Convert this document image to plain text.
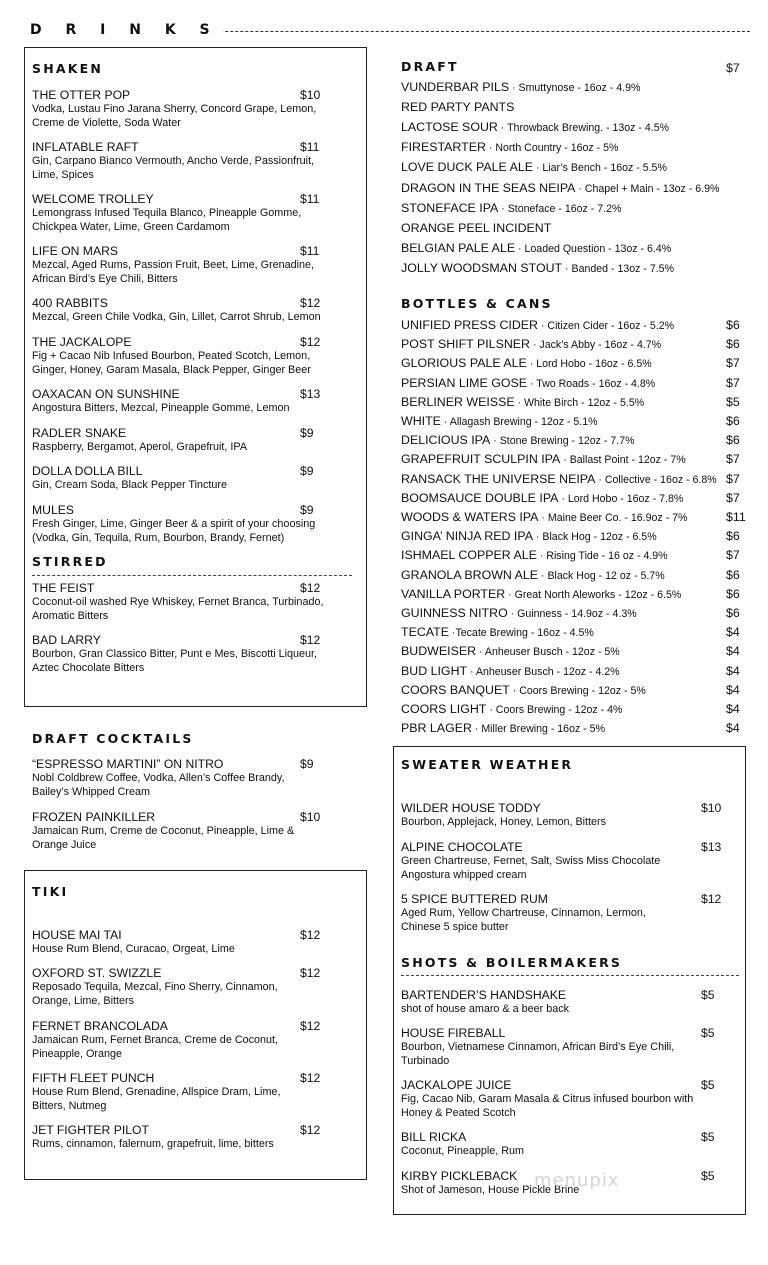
D R I N K S
SHAKEN
STIRRED
DRAFT COCKTAILS
TIKI
DRAFT	$7
BOTTLES & CANS
SWEATER WEATHER
SHOTS & BOILERMAKERS
THE OTTER POP	$10
Vodka, Lustau Fino Jarana Sherry, Concord Grape, Lemon,
Creme de Violette, Soda Water
INFLATABLE RAFT	$11
Gin, Carpano Bianco Vermouth, Ancho Verde, Passionfruit,
Lime, Spices
WELCOME TROLLEY	$11
Lemongrass Infused Tequila Blanco, Pineapple Gomme,
Chickpea Water, Lime, Green Cardamom
LIFE ON MARS	$11
Mezcal, Aged Rums, Passion Fruit, Beet, Lime, Grenadine,
African Bird’s Eye Chili, Bitters
400 RABBITS	$12
Mezcal, Green Chile Vodka, Gin, Lillet, Carrot Shrub, Lemon
THE JACKALOPE	$12
Fig + Cacao Nib Infused Bourbon, Peated Scotch, Lemon,
Ginger, Honey, Garam Masala, Black Pepper, Ginger Beer
OAXACAN ON SUNSHINE	$13
Angostura Bitters, Mezcal, Pineapple Gomme, Lemon
RADLER SNAKE	$9
Raspberry, Bergamot, Aperol, Grapefruit, IPA
DOLLA DOLLA BILL	$9
Gin, Cream Soda, Black Pepper Tincture
MULES	$9
Fresh Ginger, Lime, Ginger Beer & a spirit of your choosing
(Vodka, Gin, Tequila, Rum, Bourbon, Brandy, Fernet)
THE FEIST	$12
Coconut-oil washed Rye Whiskey, Fernet Branca, Turbinado,
Aromatic Bitters
BAD LARRY	$12
Bourbon, Gran Classico Bitter, Punt e Mes, Biscotti Liqueur,
Aztec Chocolate Bitters
“ESPRESSO MARTINI” ON NITRO	$9
Nobl Coldbrew Coffee, Vodka, Allen’s Coffee Brandy,
Bailey’s Whipped Cream
FROZEN PAINKILLER	$10
Jamaican Rum, Creme de Coconut, Pineapple, Lime &
Orange Juice
HOUSE MAI TAI	$12
House Rum Blend, Curacao, Orgeat, Lime
OXFORD ST. SWIZZLE	$12
Reposado Tequila, Mezcal, Fino Sherry, Cinnamon,
Orange, Lime, Bitters
FERNET BRANCOLADA	$12
Jamaican Rum, Fernet Branca, Creme de Coconut,
Pineapple, Orange
FIFTH FLEET PUNCH	$12
House Rum Blend, Grenadine, Allspice Dram, Lime,
Bitters, Nutmeg
JET FIGHTER PILOT	$12
Rums, cinnamon, falernum, grapefruit, lime, bitters
WILDER HOUSE TODDY	$10
Bourbon, Applejack, Honey, Lemon, Bitters
ALPINE CHOCOLATE	$13
Green Chartreuse, Fernet, Salt, Swiss Miss Chocolate
Angostura whipped cream
5 SPICE BUTTERED RUM	$12
Aged Rum, Yellow Chartreuse, Cinnamon, Lermon,
Chinese 5 spice butter
BARTENDER’S HANDSHAKE	$5
shot of house amaro & a beer back
HOUSE FIREBALL	$5
Bourbon, Vietnamese Cinnamon, African Bird’s Eye Chili,
Turbinado
JACKALOPE JUICE	$5
Fig, Cacao Nib, Garam Masala & Citrus infused bourbon with
Honey & Peated Scotch
BILL RICKA	$5
Coconut, Pineapple, Rum
KIRBY PICKLEBACK	$5
Shot of Jameson, House Pickle Brine
VUNDERBAR PILS · Smuttynose - 16oz - 4.9%
RED PARTY PANTS
LACTOSE SOUR · Throwback Brewing. - 13oz - 4.5%
FIRESTARTER · North Country - 16oz - 5%
LOVE DUCK PALE ALE · Liar’s Bench - 16oz - 5.5%
DRAGON IN THE SEAS NEIPA · Chapel + Main - 13oz - 6.9%
STONEFACE IPA · Stoneface - 16oz - 7.2%
ORANGE PEEL INCIDENT
BELGIAN PALE ALE · Loaded Question - 13oz - 6.4%
JOLLY WOODSMAN STOUT · Banded - 13oz - 7.5%
UNIFIED PRESS CIDER · Citizen Cider - 16oz - 5.2%	$6
POST SHIFT PILSNER · Jack’s Abby - 16oz - 4.7%	$6
GLORIOUS PALE ALE · Lord Hobo - 16oz - 6.5%	$7
PERSIAN LIME GOSE · Two Roads - 16oz - 4.8%	$7
BERLINER WEISSE · White Birch - 12oz - 5.5%	$5
WHITE · Allagash Brewing - 12oz - 5.1%	$6
DELICIOUS IPA · Stone Brewing - 12oz - 7.7%	$6
GRAPEFRUIT SCULPIN IPA · Ballast Point - 12oz - 7%	$7
RANSACK THE UNIVERSE NEIPA · Collective - 16oz - 6.8% $7
BOOMSAUCE DOUBLE IPA · Lord Hobo - 16oz - 7.8%	$7
WOODS & WATERS IPA · Maine Beer Co. - 16.9oz - 7%	$11
GINGA’ NINJA RED IPA · Black Hog - 12oz - 6.5%	$6
ISHMAEL COPPER ALE · Rising Tide - 16 oz - 4.9%	$7
GRANOLA BROWN ALE · Black Hog - 12 oz - 5.7%	$6
VANILLA PORTER · Great North Aleworks - 12oz - 6.5%	$6
GUINNESS NITRO · Guinness - 14.9oz - 4.3%	$6
TECATE ·Tecate Brewing - 16oz - 4.5%	$4
BUDWEISER · Anheuser Busch - 12oz - 5%	$4
BUD LIGHT · Anheuser Busch - 12oz - 4.2%	$4
COORS BANQUET · Coors Brewing - 12oz - 5%	$4
COORS LIGHT · Coors Brewing - 12oz - 4%	$4
PBR LAGER · Miller Brewing - 16oz - 5%	$4
menupix
